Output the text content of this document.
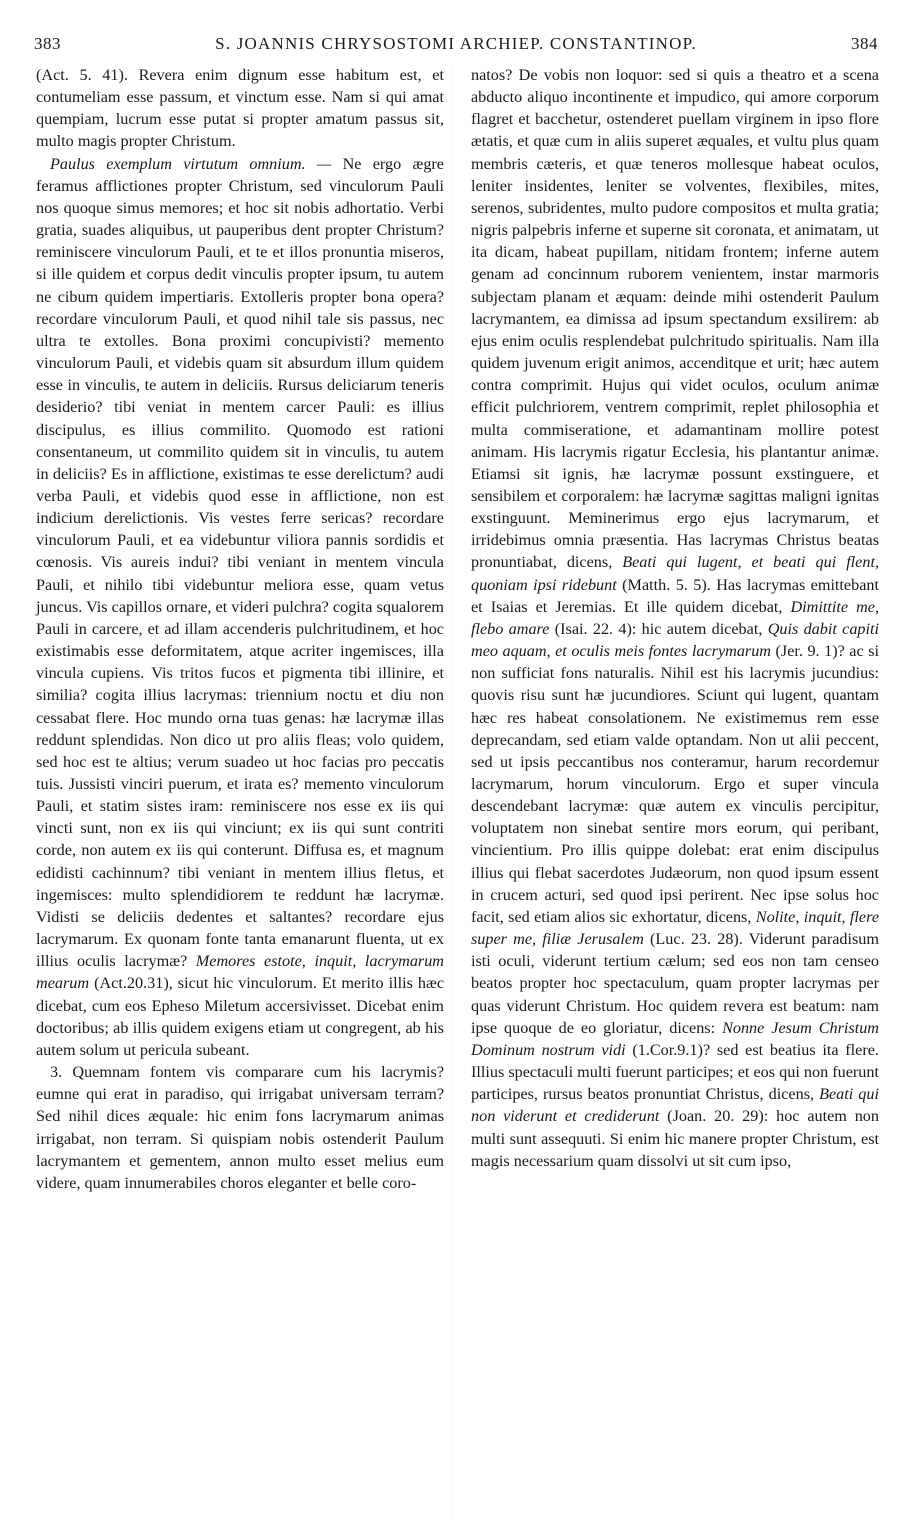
383	S. JOANNIS CHRYSOSTOMI ARCHIEP. CONSTANTINOP.	384

(Act. 5. 41). Revera enim dignum esse habitum est, et contumeliam esse passum, et vinctum esse. Nam si qui amat quempiam, lucrum esse putat si propter amatum passus sit, multo magis propter Christum.

Paulus exemplum virtutum omnium. — Ne ergo ægre feramus afflictiones propter Christum, sed vinculorum Pauli nos quoque simus memores; et hoc sit nobis adhortatio. Verbi gratia, suades aliquibus, ut pauperibus dent propter Christum? reminiscere vinculorum Pauli, et te et illos pronuntia miseros, si ille quidem et corpus dedit vinculis propter ipsum, tu autem ne cibum quidem impertiaris. Extolleris propter bona opera? recordare vinculorum Pauli, et quod nihil tale sis passus, nec ultra te extolles. Bona proximi concupivisti? memento vinculorum Pauli, et videbis quam sit absurdum illum quidem esse in vinculis, te autem in deliciis. Rursus deliciarum teneris desiderio? tibi veniat in mentem carcer Pauli: es illius discipulus, es illius commilito. Quomodo est rationi consentaneum, ut commilito quidem sit in vinculis, tu autem in deliciis? Es in afflictione, existimas te esse derelictum? audi verba Pauli, et videbis quod esse in afflictione, non est indicium derelictionis. Vis vestes ferre sericas? recordare vinculorum Pauli, et ea videbuntur viliora pannis sordidis et cœnosis. Vis aureis indui? tibi veniant in mentem vincula Pauli, et nihilo tibi videbuntur meliora esse, quam vetus juncus. Vis capillos ornare, et videri pulchra? cogita squalorem Pauli in carcere, et ad illam accenderis pulchritudinem, et hoc existimabis esse deformitatem, atque acriter ingemisces, illa vincula cupiens. Vis tritos fucos et pigmenta tibi illinire, et similia? cogita illius lacrymas: triennium noctu et diu non cessabat flere. Hoc mundo orna tuas genas: hæ lacrymæ illas reddunt splendidas. Non dico ut pro aliis fleas; volo quidem, sed hoc est te altius; verum suadeo ut hoc facias pro peccatis tuis. Jussisti vinciri puerum, et irata es? memento vinculorum Pauli, et statim sistes iram: reminiscere nos esse ex iis qui vincti sunt, non ex iis qui vinciunt; ex iis qui sunt contriti corde, non autem ex iis qui conterunt. Diffusa es, et magnum edidisti cachinnum? tibi veniant in mentem illius fletus, et ingemisces: multo splendidiorem te reddunt hæ lacrymæ. Vidisti se deliciis dedentes et saltantes? recordare ejus lacrymarum. Ex quonam fonte tanta emanarunt fluenta, ut ex illius oculis lacrymæ? Memores estote, inquit, lacrymarum mearum (Act.20.31), sicut hic vinculorum. Et merito illis hæc dicebat, cum eos Epheso Miletum accersivisset. Dicebat enim doctoribus; ab illis quidem exigens etiam ut congregent, ab his autem solum ut pericula subeant.

3. Quemnam fontem vis comparare cum his lacrymis? eumne qui erat in paradiso, qui irrigabat universam terram? Sed nihil dices æquale: hic enim fons lacrymarum animas irrigabat, non terram. Si quispiam nobis ostenderit Paulum lacrymantem et gementem, annon multo esset melius eum videre, quam innumerabiles choros eleganter et belle coro-

natos? De vobis non loquor: sed si quis a theatro et a scena abducto aliquo incontinente et impudico, qui amore corporum flagret et bacchetur, ostenderet puellam virginem in ipso flore ætatis, et quæ cum in aliis superet æquales, et vultu plus quam membris cæteris, et quæ teneros mollesque habeat oculos, leniter insidentes, leniter se volventes, flexibiles, mites, serenos, subridentes, multo pudore compositos et multa gratia; nigris palpebris inferne et superne sit coronata, et animatam, ut ita dicam, habeat pupillam, nitidam frontem; inferne autem genam ad concinnum ruborem venientem, instar marmoris subjectam planam et æquam: deinde mihi ostenderit Paulum lacrymantem, ea dimissa ad ipsum spectandum exsilirem: ab ejus enim oculis resplendebat pulchritudo spiritualis. Nam illa quidem juvenum erigit animos, accenditque et urit; hæc autem contra comprimit. Hujus qui videt oculos, oculum animæ efficit pulchriorem, ventrem comprimit, replet philosophia et multa commiseratione, et adamantinam mollire potest animam. His lacrymis rigatur Ecclesia, his plantantur animæ. Etiamsi sit ignis, hæ lacrymæ possunt exstinguere, et sensibilem et corporalem: hæ lacrymæ sagittas maligni ignitas exstinguunt. Meminerimus ergo ejus lacrymarum, et irridebimus omnia præsentia. Has lacrymas Christus beatas pronuntiabat, dicens, Beati qui lugent, et beati qui flent, quoniam ipsi ridebunt (Matth. 5. 5). Has lacrymas emittebant et Isaias et Jeremias. Et ille quidem dicebat, Dimittite me, flebo amare (Isai. 22. 4): hic autem dicebat, Quis dabit capiti meo aquam, et oculis meis fontes lacrymarum (Jer. 9. 1)? ac si non sufficiat fons naturalis. Nihil est his lacrymis jucundius: quovis risu sunt hæ jucundiores. Sciunt qui lugent, quantam hæc res habeat consolationem. Ne existimemus rem esse deprecandam, sed etiam valde optandam. Non ut alii peccent, sed ut ipsis peccantibus nos conteramur, harum recordemur lacrymarum, horum vinculorum. Ergo et super vincula descendebant lacrymæ: quæ autem ex vinculis percipitur, voluptatem non sinebat sentire mors eorum, qui peribant, vincientium. Pro illis quippe dolebat: erat enim discipulus illius qui flebat sacerdotes Judæorum, non quod ipsum essent in crucem acturi, sed quod ipsi perirent. Nec ipse solus hoc facit, sed etiam alios sic exhortatur, dicens, Nolite, inquit, flere super me, filiæ Jerusalem (Luc. 23. 28). Viderunt paradisum isti oculi, viderunt tertium cælum; sed eos non tam censeo beatos propter hoc spectaculum, quam propter lacrymas per quas viderunt Christum. Hoc quidem revera est beatum: nam ipse quoque de eo gloriatur, dicens: Nonne Jesum Christum Dominum nostrum vidi (1.Cor.9.1)? sed est beatius ita flere. Illius spectaculi multi fuerunt participes; et eos qui non fuerunt participes, rursus beatos pronuntiat Christus, dicens, Beati qui non viderunt et crediderunt (Joan. 20. 29): hoc autem non multi sunt assequuti. Si enim hic manere propter Christum, est magis necessarium quam dissolvi ut sit cum ipso,
